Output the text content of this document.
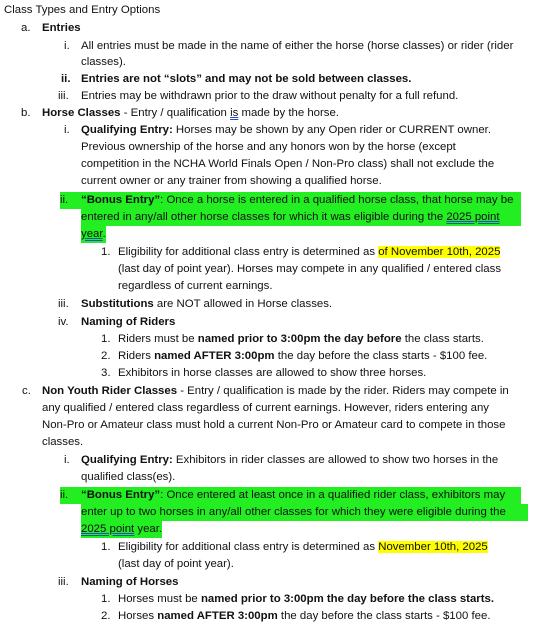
Class Types and Entry Options
a. Entries
i. All entries must be made in the name of either the horse (horse classes) or rider (rider
classes).
ii. Entries are not “slots” and may not be sold between classes.
iii. Entries may be withdrawn prior to the draw without penalty for a full refund.
b. Horse Classes - Entry / qualification is made by the horse.
i. Qualifying Entry: Horses may be shown by any Open rider or CURRENT owner.
Previous ownership of the horse and any honors won by the horse (except
competition in the NCHA World Finals Open / Non-Pro class) shall not exclude the
current owner or any trainer from showing a qualified horse.
ii. “Bonus Entry”: Once a horse is entered in a qualified horse class, that horse may be
entered in any/all other horse classes for which it was eligible during the 2025 point
year.
1. Eligibility for additional class entry is determined as of November 10th, 2025
(last day of point year). Horses may compete in any qualified / entered class
regardless of current earnings.
iii. Substitutions are NOT allowed in Horse classes.
iv. Naming of Riders
1. Riders must be named prior to 3:00pm the day before the class starts.
2. Riders named AFTER 3:00pm the day before the class starts - $100 fee.
3. Exhibitors in horse classes are allowed to show three horses.
c. Non Youth Rider Classes - Entry / qualification is made by the rider. Riders may compete in
any qualified / entered class regardless of current earnings. However, riders entering any
Non-Pro or Amateur class must hold a current Non-Pro or Amateur card to compete in those
classes.
i. Qualifying Entry: Exhibitors in rider classes are allowed to show two horses in the
qualified class(es).
ii. “Bonus Entry”: Once entered at least once in a qualified rider class, exhibitors may
enter up to two horses in any/all other classes for which they were eligible during the
2025 point year.
1. Eligibility for additional class entry is determined as November 10th, 2025
(last day of point year).
iii. Naming of Horses
1. Horses must be named prior to 3:00pm the day before the class starts.
2. Horses named AFTER 3:00pm the day before the class starts - $100 fee.
